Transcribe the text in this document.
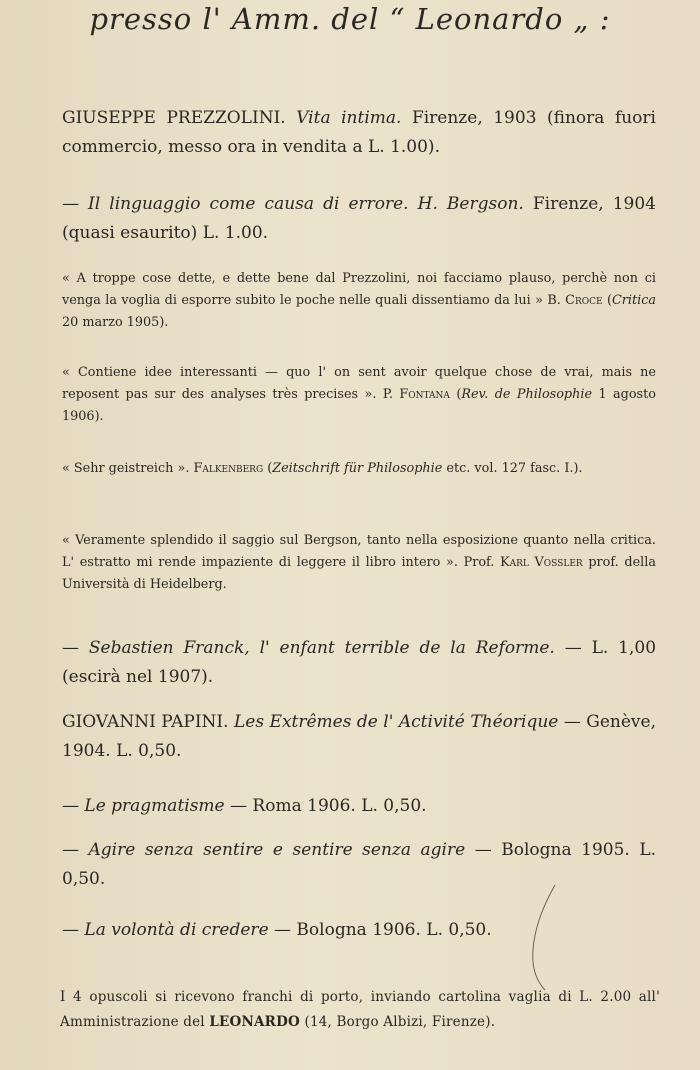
presso l' Amm. del “ Leonardo „ :
GIUSEPPE PREZZOLINI. Vita intima. Firenze, 1903 (finora fuori commercio, messo ora in vendita a L. 1.00).
— Il linguaggio come causa di errore. H. Bergson. Firenze, 1904 (quasi esaurito) L. 1.00.
« A troppe cose dette, e dette bene dal Prezzolini, noi facciamo plauso, perchè non ci venga la voglia di esporre subito le poche nelle quali dissentiamo da lui » B. Croce (Critica 20 marzo 1905).
« Contiene idee interessanti — quo l' on sent avoir quelque chose de vrai, mais ne reposent pas sur des analyses très precises ». P. Fontana (Rev. de Philosophie 1 agosto 1906).
« Sehr geistreich ». Falkenberg (Zeitschrift für Philosophie etc. vol. 127 fasc. I.).
« Veramente splendido il saggio sul Bergson, tanto nella esposizione quanto nella critica. L' estratto mi rende impaziente di leggere il libro intero ». Prof. Karl Vossler prof. della Università di Heidelberg.
— Sebastien Franck, l' enfant terrible de la Reforme. — L. 1,00 (escirà nel 1907).
GIOVANNI PAPINI. Les Extrêmes de l' Activité Théorique — Genève, 1904. L. 0,50.
— Le pragmatisme — Roma 1906. L. 0,50.
— Agire senza sentire e sentire senza agire — Bologna 1905. L. 0,50.
— La volontà di credere — Bologna 1906. L. 0,50.
I 4 opuscoli si ricevono franchi di porto, inviando cartolina vaglia di L. 2.00 all' Amministrazione del LEONARDO (14, Borgo Albizi, Firenze).
